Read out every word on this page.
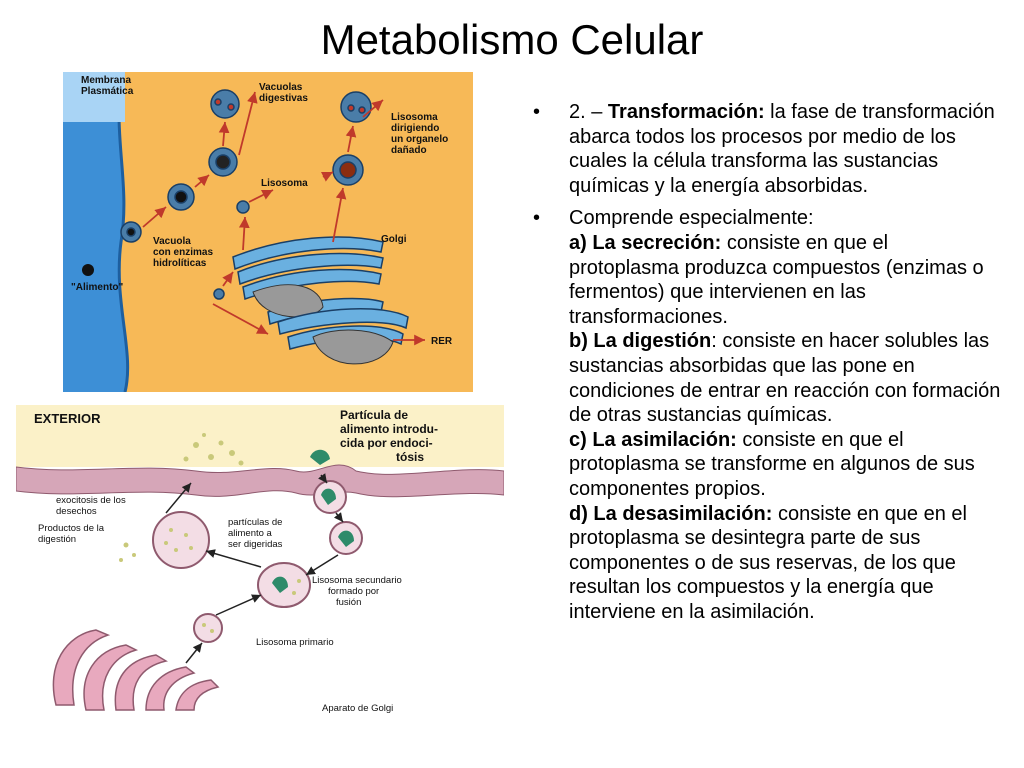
Metabolismo Celular
Membrana
Plasmática	Vacuolas
digestivas
Lisosoma
dirigiendo
un organelo
dañado
Lisosoma
Golgi
Vacuola
con enzimas
hidrolíticas
"Alimento"
RER
EXTERIOR	Partícula de
alimento introdu-
cida por endoci-
tósis
exocitosis de los
desechos
Productos de la
digestión
partículas de
alimento a
ser digeridas
Lisosoma secundario
formado por
fusión
Lisosoma primario
Aparato de Golgi
• 2. – Transformación: la fase de transformación abarca todos los procesos por medio de los cuales la célula transforma las sustancias químicas y la energía absorbidas.
• Comprende especialmente:
a) La secreción: consiste en que el protoplasma produzca compuestos (enzimas o fermentos) que intervienen en las transformaciones.
b) La digestión: consiste en hacer solubles las sustancias absorbidas que las pone en condiciones de entrar en reacción con formación de otras sustancias químicas.
c) La asimilación: consiste en que el protoplasma se transforme en algunos de sus componentes propios.
d) La desasimilación: consiste en que en el protoplasma se desintegra parte de sus componentes o de sus reservas, de los que resultan los compuestos y la energía que interviene en la asimilación.
